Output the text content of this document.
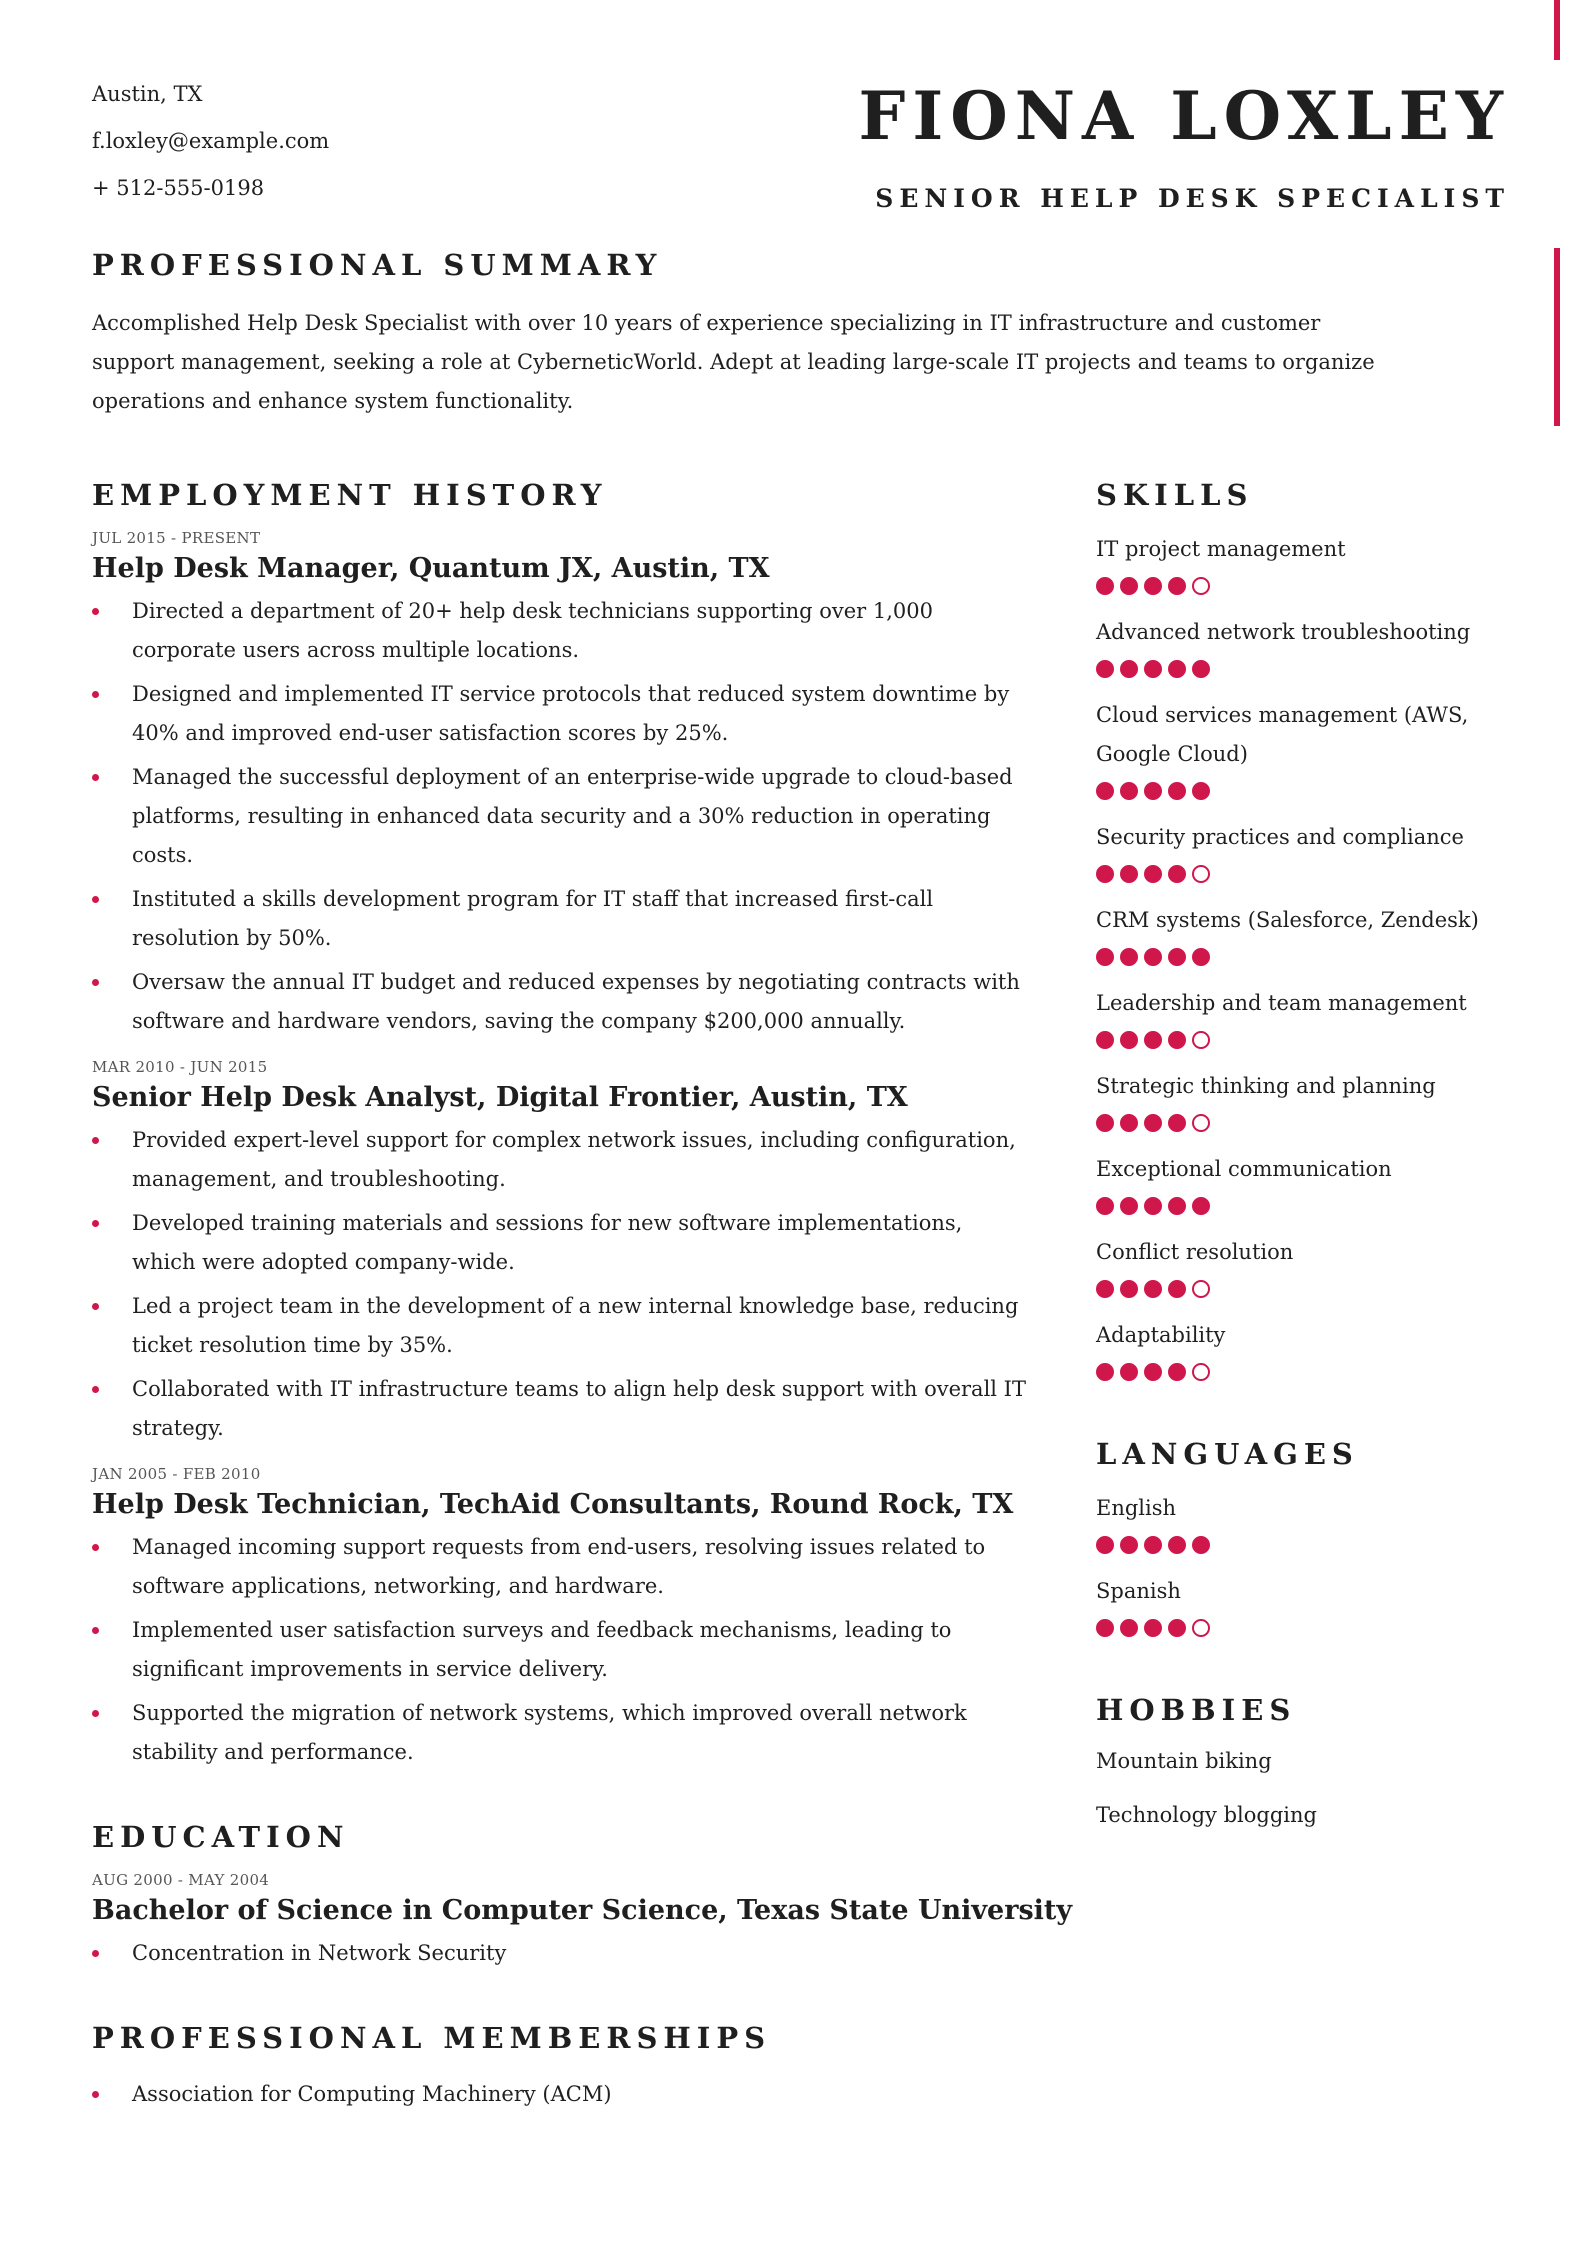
Austin, TX
f.loxley@example.com
+ 512-555-0198
FIONA LOXLEY
SENIOR HELP DESK SPECIALIST
PROFESSIONAL SUMMARY
Accomplished Help Desk Specialist with over 10 years of experience specializing in IT infrastructure and customer support management, seeking a role at CyberneticWorld. Adept at leading large-scale IT projects and teams to organize operations and enhance system functionality.
EMPLOYMENT HISTORY
JUL 2015 - PRESENT
Help Desk Manager, Quantum JX, Austin, TX
Directed a department of 20+ help desk technicians supporting over 1,000 corporate users across multiple locations.
Designed and implemented IT service protocols that reduced system downtime by 40% and improved end-user satisfaction scores by 25%.
Managed the successful deployment of an enterprise-wide upgrade to cloud-based platforms, resulting in enhanced data security and a 30% reduction in operating costs.
Instituted a skills development program for IT staff that increased first-call resolution by 50%.
Oversaw the annual IT budget and reduced expenses by negotiating contracts with software and hardware vendors, saving the company $200,000 annually.
MAR 2010 - JUN 2015
Senior Help Desk Analyst, Digital Frontier, Austin, TX
Provided expert-level support for complex network issues, including configuration, management, and troubleshooting.
Developed training materials and sessions for new software implementations, which were adopted company-wide.
Led a project team in the development of a new internal knowledge base, reducing ticket resolution time by 35%.
Collaborated with IT infrastructure teams to align help desk support with overall IT strategy.
JAN 2005 - FEB 2010
Help Desk Technician, TechAid Consultants, Round Rock, TX
Managed incoming support requests from end-users, resolving issues related to software applications, networking, and hardware.
Implemented user satisfaction surveys and feedback mechanisms, leading to significant improvements in service delivery.
Supported the migration of network systems, which improved overall network stability and performance.
EDUCATION
AUG 2000 - MAY 2004
Bachelor of Science in Computer Science, Texas State University
Concentration in Network Security
PROFESSIONAL MEMBERSHIPS
Association for Computing Machinery (ACM)
SKILLS
IT project management
Advanced network troubleshooting
Cloud services management (AWS, Google Cloud)
Security practices and compliance
CRM systems (Salesforce, Zendesk)
Leadership and team management
Strategic thinking and planning
Exceptional communication
Conflict resolution
Adaptability
LANGUAGES
English
Spanish
HOBBIES
Mountain biking
Technology blogging
